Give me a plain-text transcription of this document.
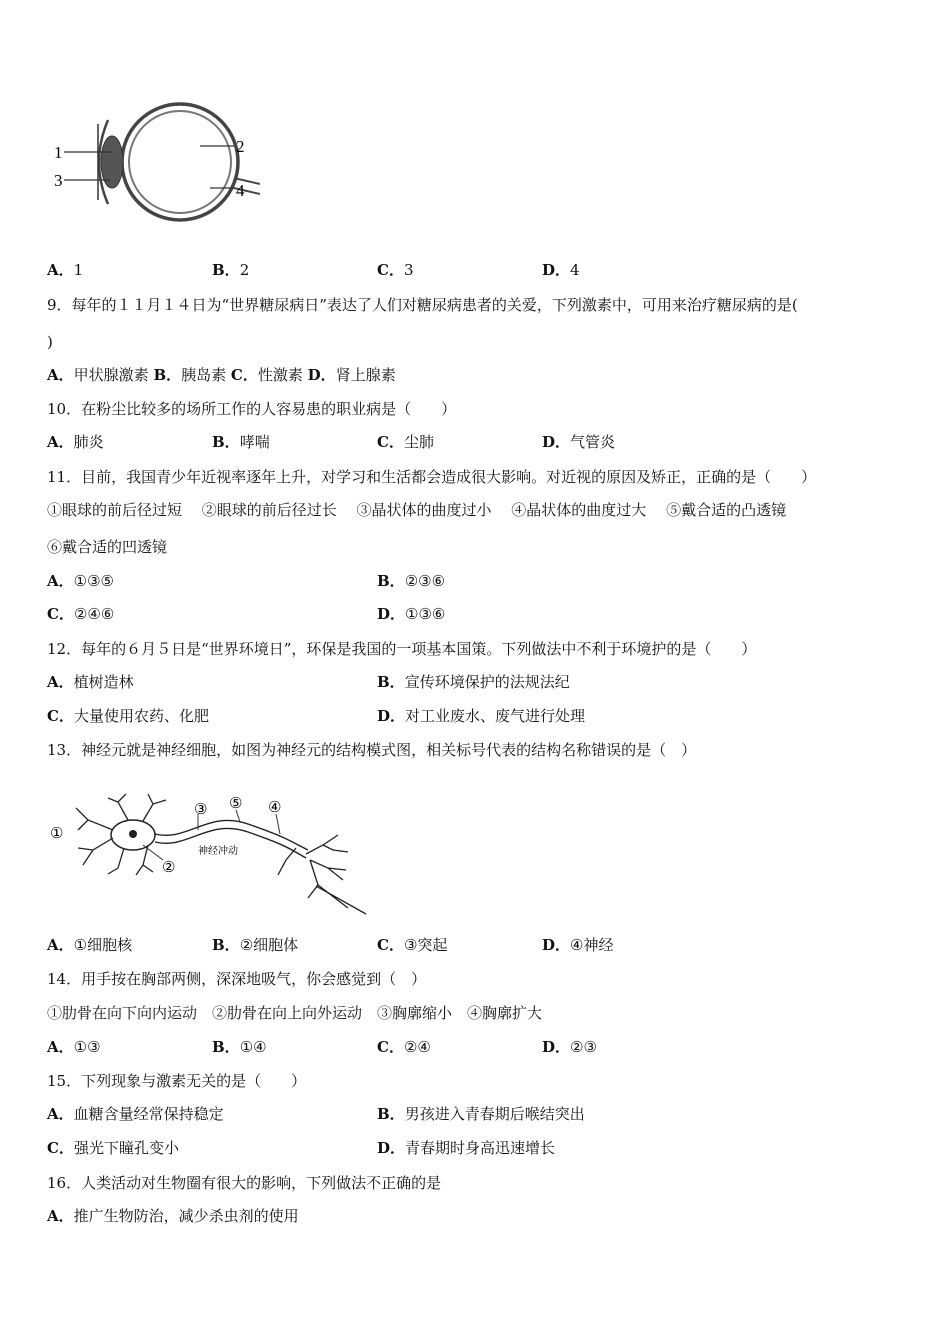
1	2
3
4
A．1	B．2	C．3	D．4
9．每年的１１月１４日为“世界糖尿病日”表达了人们对糖尿病患者的关爱，下列激素中，可用来治疗糖尿病的是(
)
A．甲状腺激素 B．胰岛素 C．性激素 D．肾上腺素
10．在粉尘比较多的场所工作的人容易患的职业病是（　　）
A．肺炎	B．哮喘	C．尘肺	D．气管炎
11．目前，我国青少年近视率逐年上升，对学习和生活都会造成很大影响。对近视的原因及矫正，正确的是（　　）
①眼球的前后径过短　 ②眼球的前后径过长　 ③晶状体的曲度过小　 ④晶状体的曲度过大　 ⑤戴合适的凸透镜
⑥戴合适的凹透镜
A．①③⑤	B．②③⑥
C．②④⑥	D．①③⑥
12．每年的６月５日是“世界环境日”，环保是我国的一项基本国策。下列做法中不利于环境护的是（　　）
A．植树造林	B．宣传环境保护的法规法纪
C．大量使用农药、化肥	D．对工业废水、废气进行处理
13．神经元就是神经细胞，如图为神经元的结构模式图，相关标号代表的结构名称错误的是（　）
①
②
③ ⑤ ④
神经冲动
A．①细胞核	B．②细胞体	C．③突起	D．④神经
14．用手按在胸部两侧，深深地吸气，你会感觉到（　）
①肋骨在向下向内运动　②肋骨在向上向外运动　③胸廓缩小　④胸廓扩大
A．①③	B．①④	C．②④	D．②③
15．下列现象与激素无关的是（　　）
A．血糖含量经常保持稳定	B．男孩进入青春期后喉结突出
C．强光下瞳孔变小	D．青春期时身高迅速增长
16．人类活动对生物圈有很大的影响，下列做法不正确的是
A．推广生物防治，减少杀虫剂的使用
